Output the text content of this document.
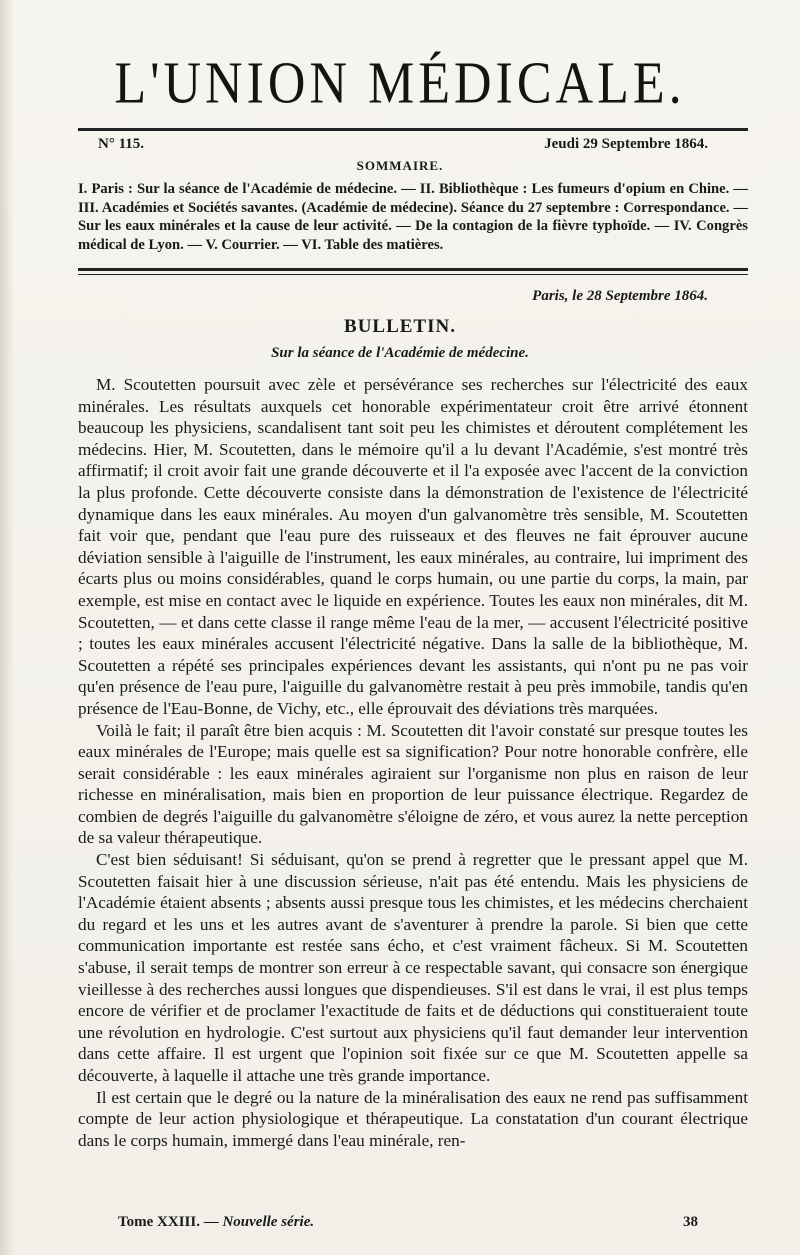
L'UNION MÉDICALE.
N° 115.	Jeudi 29 Septembre 1864.
SOMMAIRE.
I. Paris : Sur la séance de l'Académie de médecine. — II. Bibliothèque : Les fumeurs d'opium en Chine. — III. Académies et Sociétés savantes. (Académie de médecine). Séance du 27 septembre : Correspondance. — Sur les eaux minérales et la cause de leur activité. — De la contagion de la fièvre typhoïde. — IV. Congrès médical de Lyon. — V. Courrier. — VI. Table des matières.
Paris, le 28 Septembre 1864.
BULLETIN.
Sur la séance de l'Académie de médecine.

M. Scoutetten poursuit avec zèle et persévérance ses recherches sur l'électricité des eaux minérales. Les résultats auxquels cet honorable expérimentateur croit être arrivé étonnent beaucoup les physiciens, scandalisent tant soit peu les chimistes et déroutent complétement les médecins. Hier, M. Scoutetten, dans le mémoire qu'il a lu devant l'Académie, s'est montré très affirmatif; il croit avoir fait une grande découverte et il l'a exposée avec l'accent de la conviction la plus profonde. Cette découverte consiste dans la démonstration de l'existence de l'électricité dynamique dans les eaux minérales. Au moyen d'un galvanomètre très sensible, M. Scoutetten fait voir que, pendant que l'eau pure des ruisseaux et des fleuves ne fait éprouver aucune déviation sensible à l'aiguille de l'instrument, les eaux minérales, au contraire, lui impriment des écarts plus ou moins considérables, quand le corps humain, ou une partie du corps, la main, par exemple, est mise en contact avec le liquide en expérience. Toutes les eaux non minérales, dit M. Scoutetten, — et dans cette classe il range même l'eau de la mer, — accusent l'électricité positive ; toutes les eaux minérales accusent l'électricité négative. Dans la salle de la bibliothèque, M. Scoutetten a répété ses principales expériences devant les assistants, qui n'ont pu ne pas voir qu'en présence de l'eau pure, l'aiguille du galvanomètre restait à peu près immobile, tandis qu'en présence de l'Eau-Bonne, de Vichy, etc., elle éprouvait des déviations très marquées.

Voilà le fait; il paraît être bien acquis : M. Scoutetten dit l'avoir constaté sur presque toutes les eaux minérales de l'Europe; mais quelle est sa signification? Pour notre honorable confrère, elle serait considérable : les eaux minérales agiraient sur l'organisme non plus en raison de leur richesse en minéralisation, mais bien en proportion de leur puissance électrique. Regardez de combien de degrés l'aiguille du galvanomètre s'éloigne de zéro, et vous aurez la nette perception de sa valeur thérapeutique.

C'est bien séduisant! Si séduisant, qu'on se prend à regretter que le pressant appel que M. Scoutetten faisait hier à une discussion sérieuse, n'ait pas été entendu. Mais les physiciens de l'Académie étaient absents ; absents aussi presque tous les chimistes, et les médecins cherchaient du regard et les uns et les autres avant de s'aventurer à prendre la parole. Si bien que cette communication importante est restée sans écho, et c'est vraiment fâcheux. Si M. Scoutetten s'abuse, il serait temps de montrer son erreur à ce respectable savant, qui consacre son énergique vieillesse à des recherches aussi longues que dispendieuses. S'il est dans le vrai, il est plus temps encore de vérifier et de proclamer l'exactitude de faits et de déductions qui constitueraient toute une révolution en hydrologie. C'est surtout aux physiciens qu'il faut demander leur intervention dans cette affaire. Il est urgent que l'opinion soit fixée sur ce que M. Scoutetten appelle sa découverte, à laquelle il attache une très grande importance.

Il est certain que le degré ou la nature de la minéralisation des eaux ne rend pas suffisamment compte de leur action physiologique et thérapeutique. La constatation d'un courant électrique dans le corps humain, immergé dans l'eau minérale, ren-

Tome XXIII. — Nouvelle série.	38
